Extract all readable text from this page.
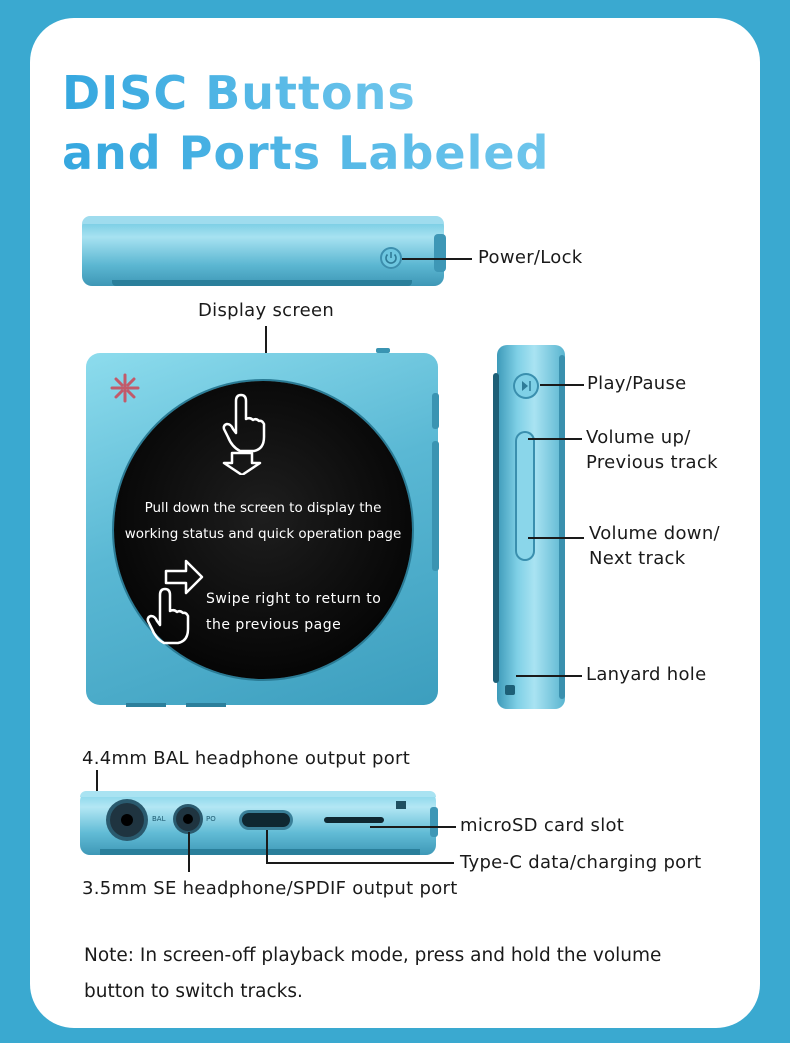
DISC Buttons
and Ports Labeled
Power/Lock
Display screen
Pull down the screen to display the
working status and quick operation page
Swipe right to return to
the previous page
Play/Pause
Volume up/
Previous track
Volume down/
Next track
Lanyard hole
4.4mm BAL headphone output port
BAL	PO	microSD card slot
Type-C data/charging port
3.5mm SE headphone/SPDIF output port
Note: In screen-off playback mode, press and hold the volume
button to switch tracks.
